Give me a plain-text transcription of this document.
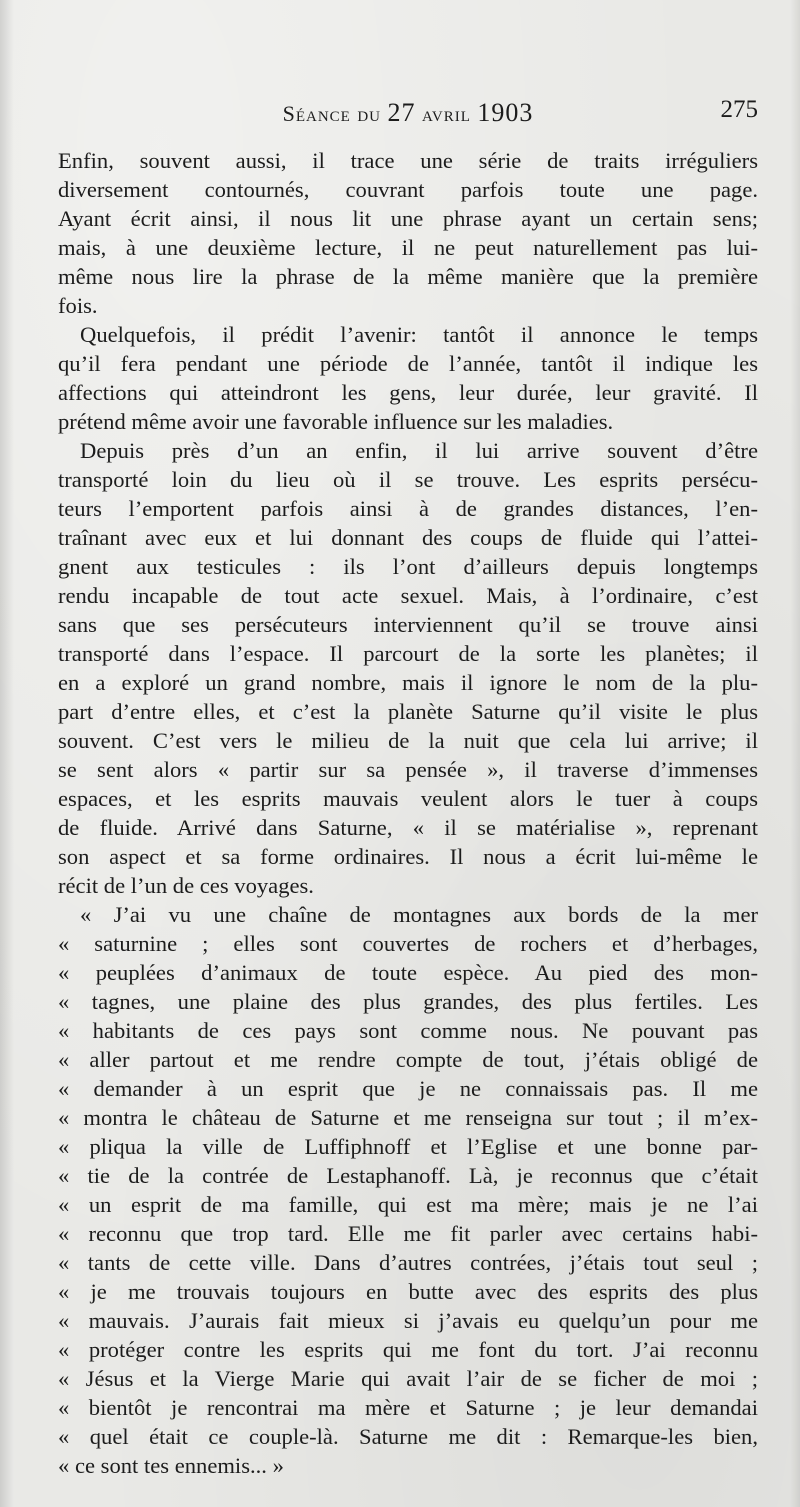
Séance du 27 avril 1903	275
Enfin, souvent aussi, il trace une série de traits irréguliers
diversement contournés, couvrant parfois toute une page.
Ayant écrit ainsi, il nous lit une phrase ayant un certain sens;
mais, à une deuxième lecture, il ne peut naturellement pas lui-
même nous lire la phrase de la même manière que la première
fois.
Quelquefois, il prédit l’avenir: tantôt il annonce le temps
qu’il fera pendant une période de l’année, tantôt il indique les
affections qui atteindront les gens, leur durée, leur gravité. Il
prétend même avoir une favorable influence sur les maladies.
Depuis près d’un an enfin, il lui arrive souvent d’être
transporté loin du lieu où il se trouve. Les esprits persécu-
teurs l’emportent parfois ainsi à de grandes distances, l’en-
traînant avec eux et lui donnant des coups de fluide qui l’attei-
gnent aux testicules : ils l’ont d’ailleurs depuis longtemps
rendu incapable de tout acte sexuel. Mais, à l’ordinaire, c’est
sans que ses persécuteurs interviennent qu’il se trouve ainsi
transporté dans l’espace. Il parcourt de la sorte les planètes; il
en a exploré un grand nombre, mais il ignore le nom de la plu-
part d’entre elles, et c’est la planète Saturne qu’il visite le plus
souvent. C’est vers le milieu de la nuit que cela lui arrive; il
se sent alors « partir sur sa pensée », il traverse d’immenses
espaces, et les esprits mauvais veulent alors le tuer à coups
de fluide. Arrivé dans Saturne, « il se matérialise », reprenant
son aspect et sa forme ordinaires. Il nous a écrit lui-même le
récit de l’un de ces voyages.
« J’ai vu une chaîne de montagnes aux bords de la mer
« saturnine ; elles sont couvertes de rochers et d’herbages,
« peuplées d’animaux de toute espèce. Au pied des mon-
« tagnes, une plaine des plus grandes, des plus fertiles. Les
« habitants de ces pays sont comme nous. Ne pouvant pas
« aller partout et me rendre compte de tout, j’étais obligé de
« demander à un esprit que je ne connaissais pas. Il me
« montra le château de Saturne et me renseigna sur tout ; il m’ex-
« pliqua la ville de Luffiphnoff et l’Eglise et une bonne par-
« tie de la contrée de Lestaphanoff. Là, je reconnus que c’était
« un esprit de ma famille, qui est ma mère; mais je ne l’ai
« reconnu que trop tard. Elle me fit parler avec certains habi-
« tants de cette ville. Dans d’autres contrées, j’étais tout seul ;
« je me trouvais toujours en butte avec des esprits des plus
« mauvais. J’aurais fait mieux si j’avais eu quelqu’un pour me
« protéger contre les esprits qui me font du tort. J’ai reconnu
« Jésus et la Vierge Marie qui avait l’air de se ficher de moi ;
« bientôt je rencontrai ma mère et Saturne ; je leur demandai
« quel était ce couple-là. Saturne me dit : Remarque-les bien,
« ce sont tes ennemis... »
